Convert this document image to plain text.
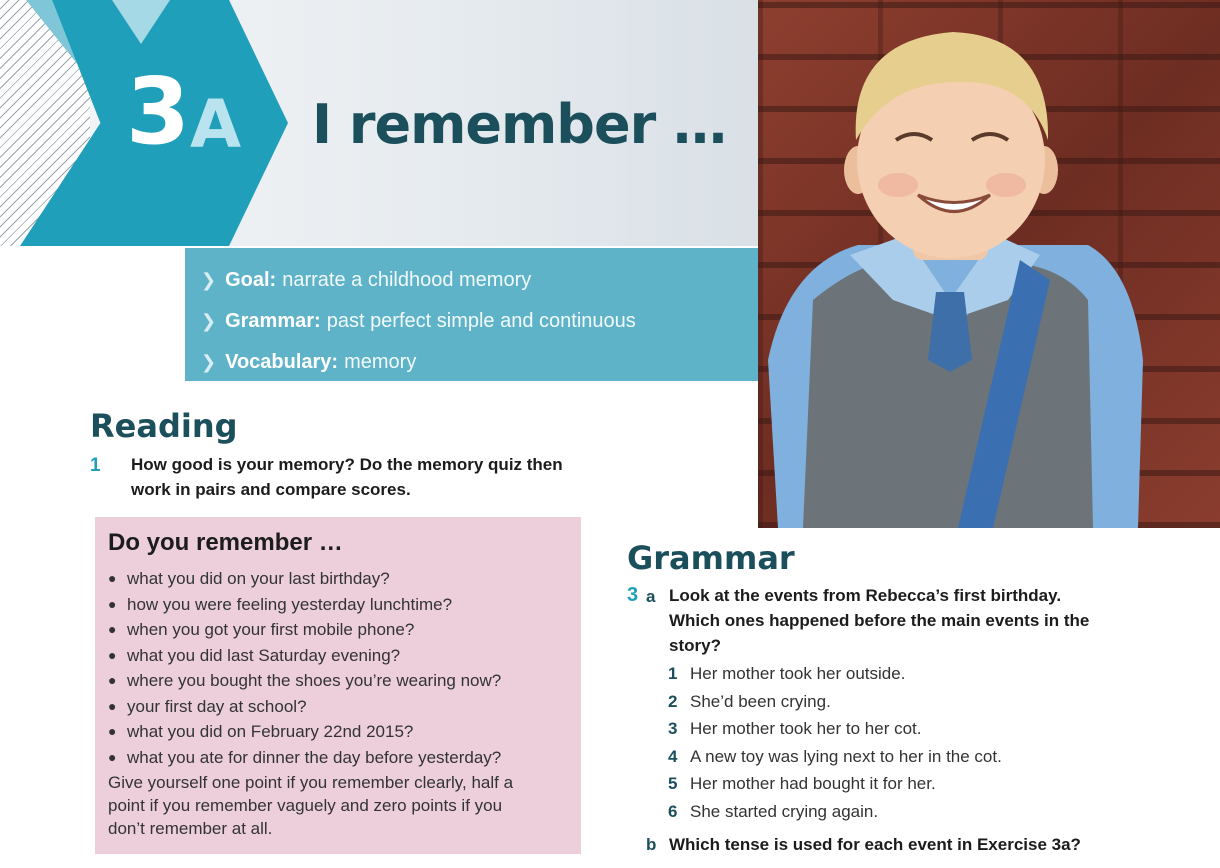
3 A I remember …
❯ Goal: narrate a childhood memory
❯ Grammar: past perfect simple and continuous
❯ Vocabulary: memory
Reading
1 How good is your memory? Do the memory quiz then
work in pairs and compare scores.
Do you remember …
● what you did on your last birthday?
● how you were feeling yesterday lunchtime?
● when you got your first mobile phone?
● what you did last Saturday evening?
● where you bought the shoes you’re wearing now?
● your first day at school?
● what you did on February 22nd 2015?
● what you ate for dinner the day before yesterday?
Give yourself one point if you remember clearly, half a
point if you remember vaguely and zero points if you
don’t remember at all.
Grammar
3 a Look at the events from Rebecca’s first birthday.
Which ones happened before the main events in the
story?
1 Her mother took her outside.
2 She’d been crying.
3 Her mother took her to her cot.
4 A new toy was lying next to her in the cot.
5 Her mother had bought it for her.
6 She started crying again.
b Which tense is used for each event in Exercise 3a?
